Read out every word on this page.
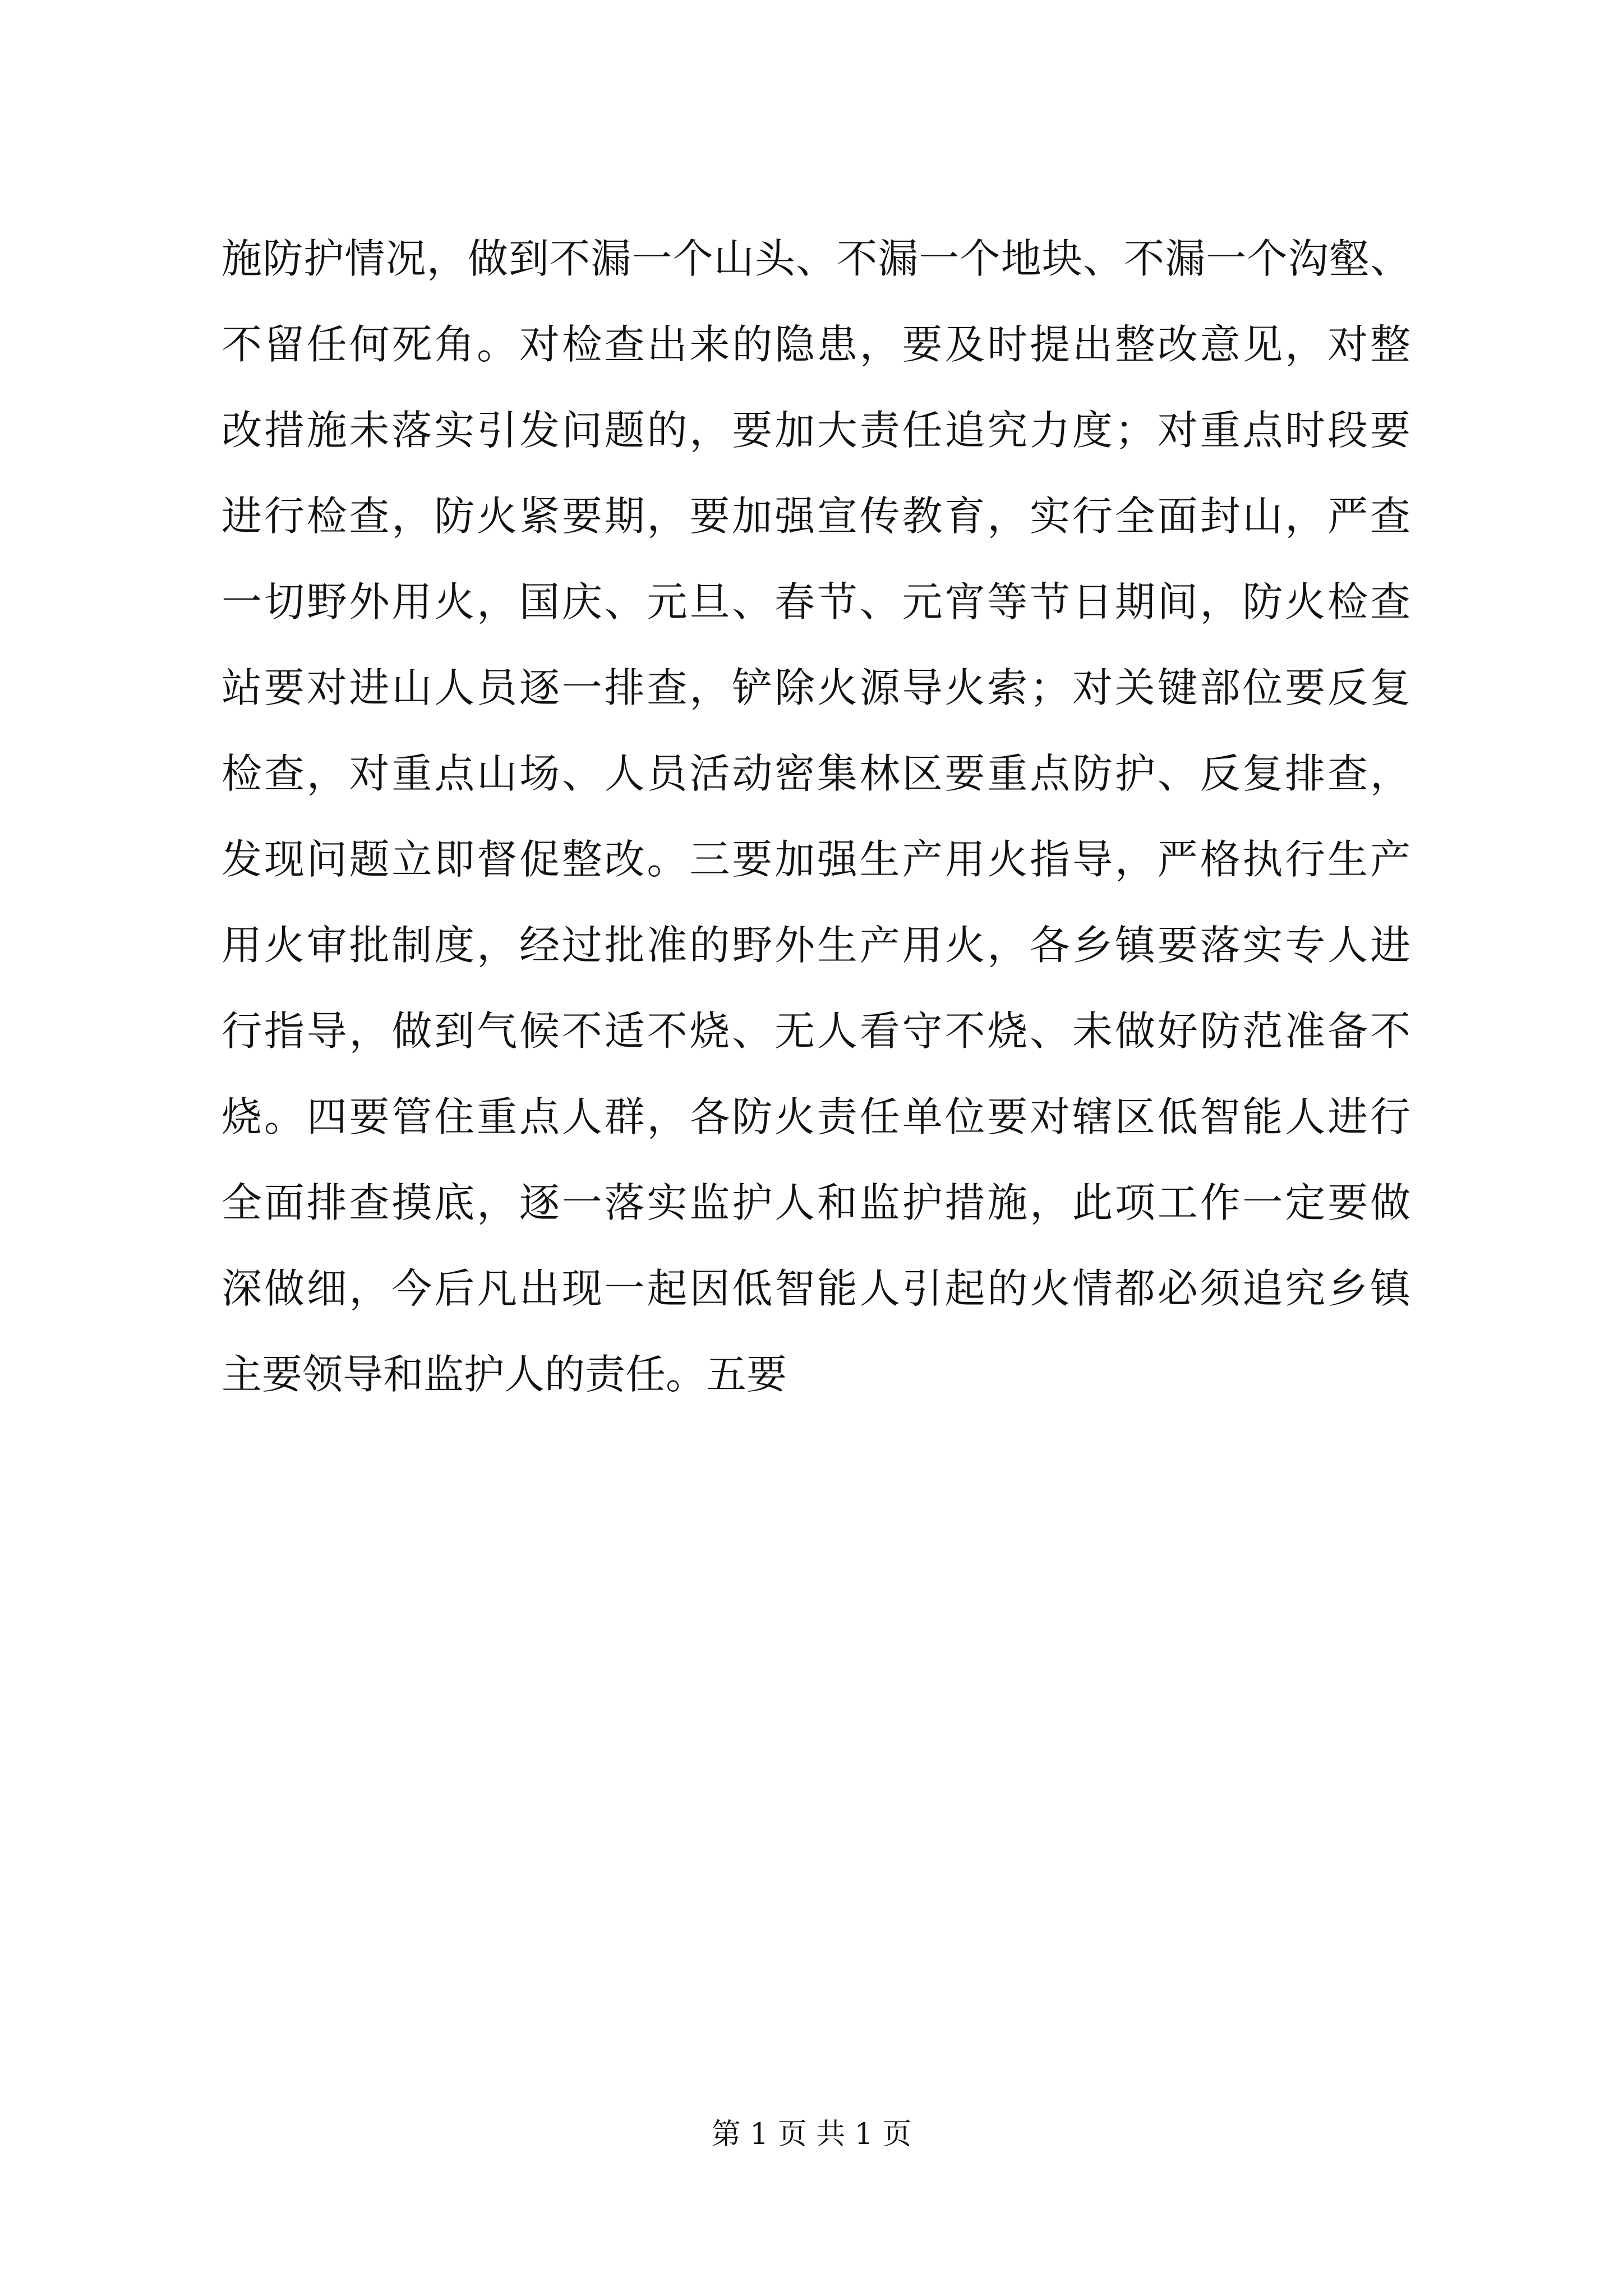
施防护情况，做到不漏一个山头、不漏一个地块、不漏一个沟壑、
不留任何死角。对检查出来的隐患，要及时提出整改意见，对整
改措施未落实引发问题的，要加大责任追究力度；对重点时段要
进行检查，防火紧要期，要加强宣传教育，实行全面封山，严查
一切野外用火，国庆、元旦、春节、元宵等节日期间，防火检查
站要对进山人员逐一排查，铲除火源导火索；对关键部位要反复
检查，对重点山场、人员活动密集林区要重点防护、反复排查，
发现问题立即督促整改。三要加强生产用火指导，严格执行生产
用火审批制度，经过批准的野外生产用火，各乡镇要落实专人进
行指导，做到气候不适不烧、无人看守不烧、未做好防范准备不
烧。四要管住重点人群，各防火责任单位要对辖区低智能人进行
全面排查摸底，逐一落实监护人和监护措施，此项工作一定要做
深做细，今后凡出现一起因低智能人引起的火情都必须追究乡镇
主要领导和监护人的责任。五要
第 1 页 共 1 页
